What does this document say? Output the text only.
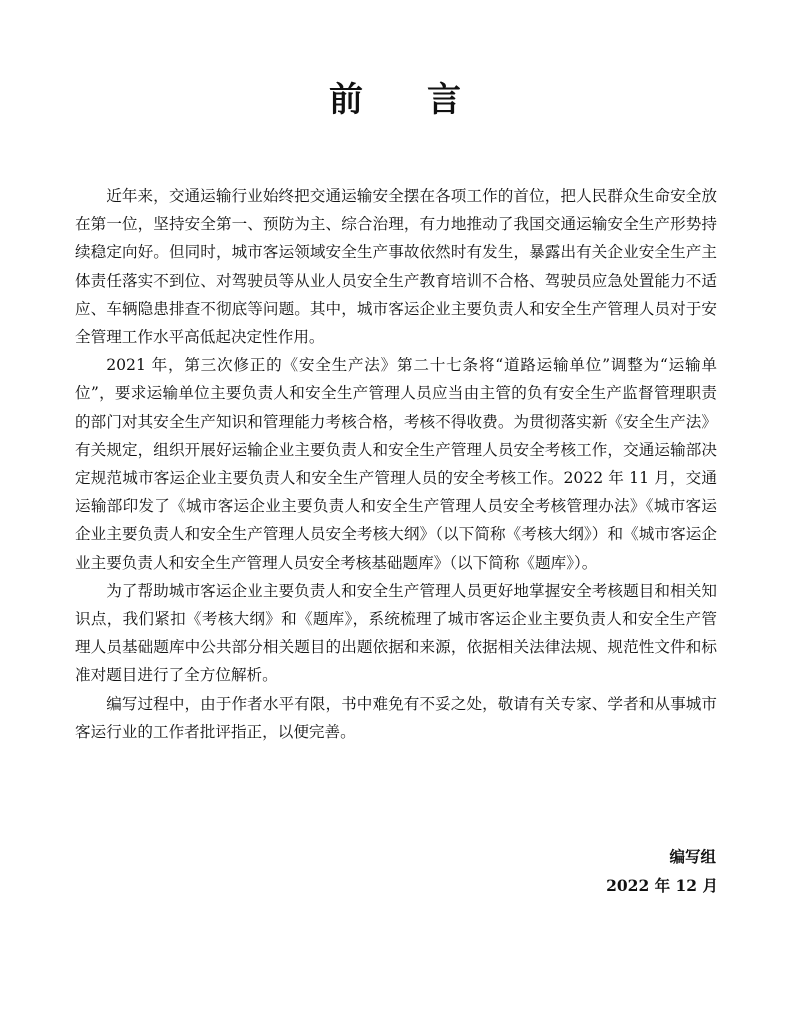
前 言

近年来，交通运输行业始终把交通运输安全摆在各项工作的首位，把人民群众生命安全放在第一位，坚持安全第一、预防为主、综合治理，有力地推动了我国交通运输安全生产形势持续稳定向好。但同时，城市客运领域安全生产事故依然时有发生，暴露出有关企业安全生产主体责任落实不到位、对驾驶员等从业人员安全生产教育培训不合格、驾驶员应急处置能力不适应、车辆隐患排查不彻底等问题。其中，城市客运企业主要负责人和安全生产管理人员对于安全管理工作水平高低起决定性作用。

2021 年，第三次修正的《安全生产法》第二十七条将“道路运输单位”调整为“运输单位”，要求运输单位主要负责人和安全生产管理人员应当由主管的负有安全生产监督管理职责的部门对其安全生产知识和管理能力考核合格，考核不得收费。为贯彻落实新《安全生产法》有关规定，组织开展好运输企业主要负责人和安全生产管理人员安全考核工作，交通运输部决定规范城市客运企业主要负责人和安全生产管理人员的安全考核工作。2022 年 11 月，交通运输部印发了《城市客运企业主要负责人和安全生产管理人员安全考核管理办法》《城市客运企业主要负责人和安全生产管理人员安全考核大纲》（以下简称《考核大纲》）和《城市客运企业主要负责人和安全生产管理人员安全考核基础题库》（以下简称《题库》）。

为了帮助城市客运企业主要负责人和安全生产管理人员更好地掌握安全考核题目和相关知识点，我们紧扣《考核大纲》和《题库》，系统梳理了城市客运企业主要负责人和安全生产管理人员基础题库中公共部分相关题目的出题依据和来源，依据相关法律法规、规范性文件和标准对题目进行了全方位解析。

编写过程中，由于作者水平有限，书中难免有不妥之处，敬请有关专家、学者和从事城市客运行业的工作者批评指正，以便完善。

编写组
2022 年 12 月
